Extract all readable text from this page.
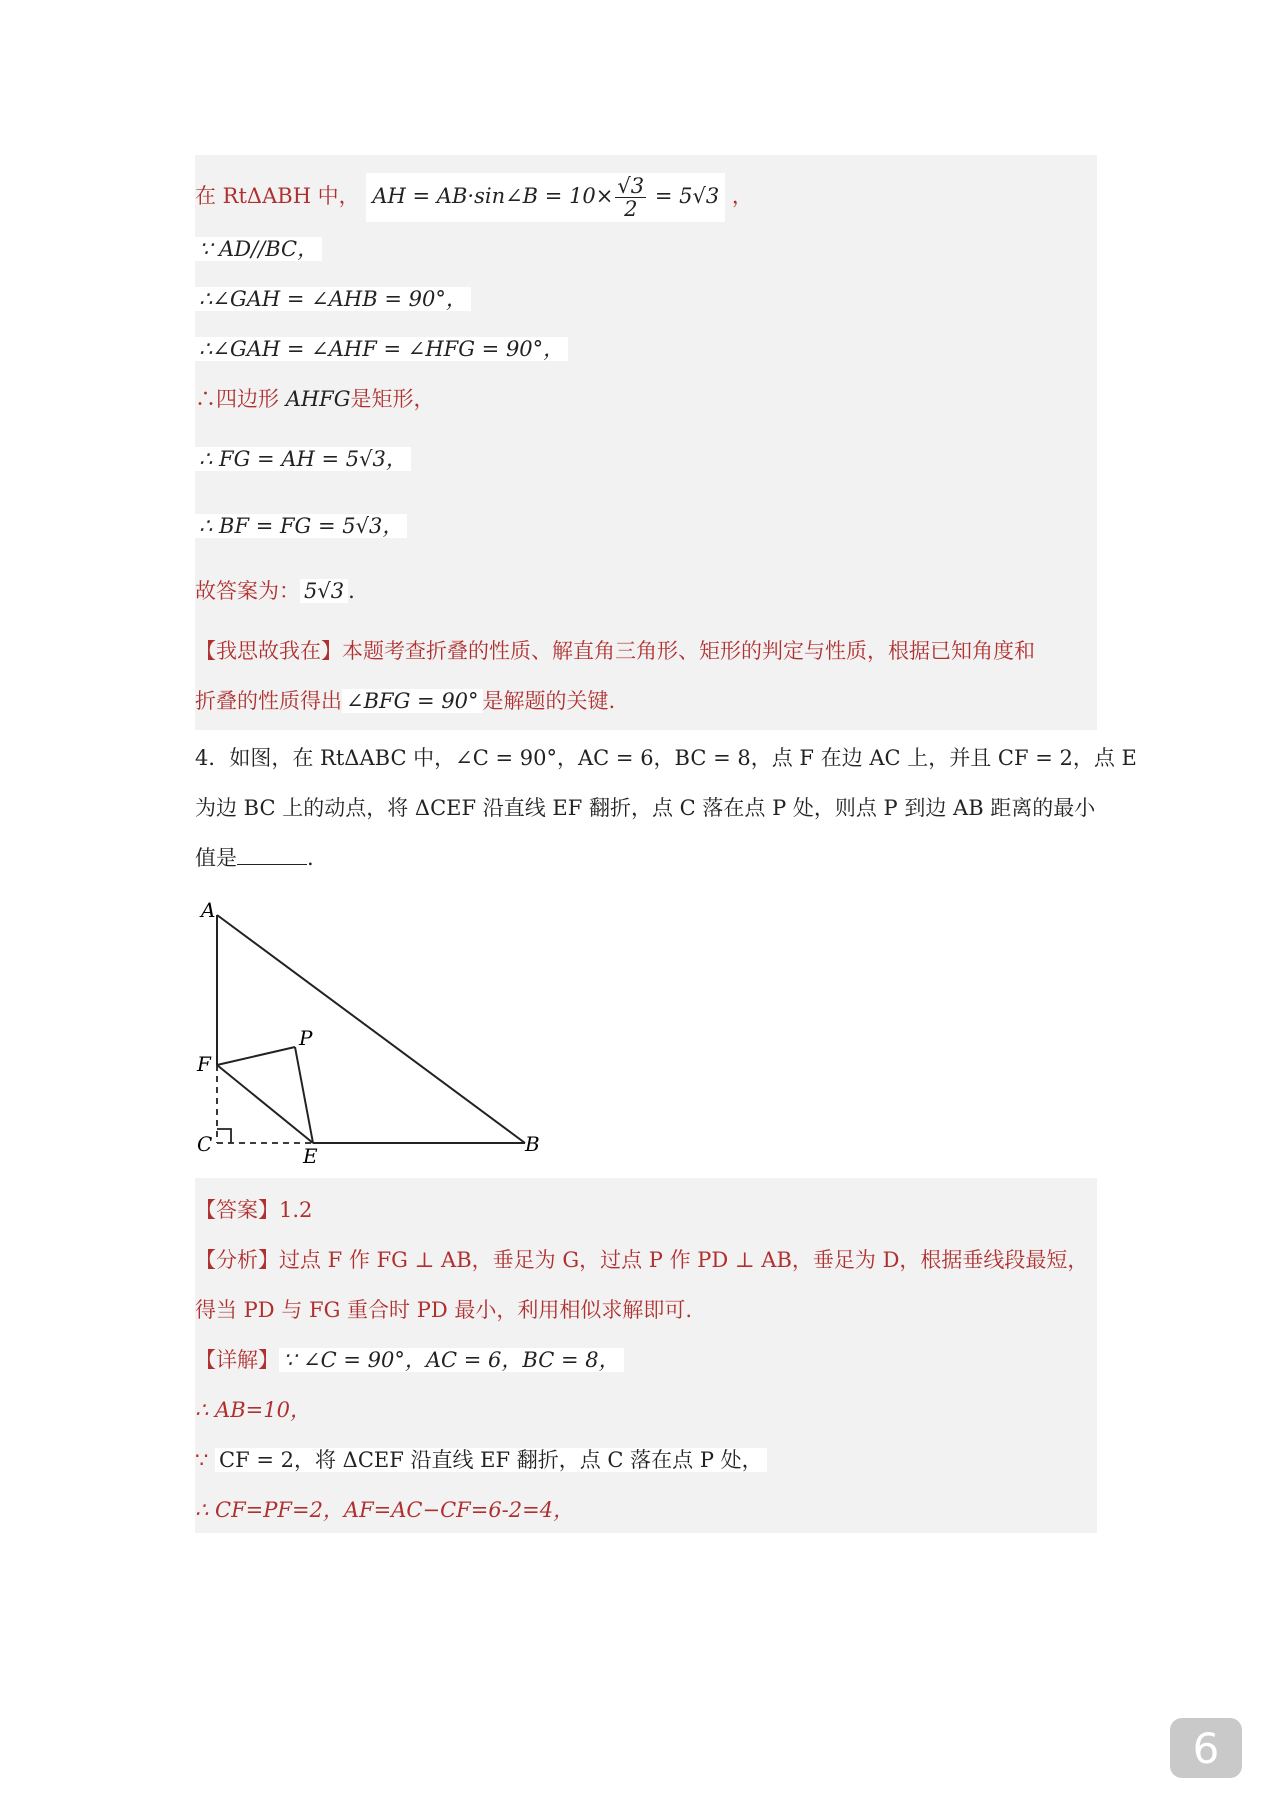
在 RtΔABH 中， AH = AB·sin∠B = $10\times \frac{√3}{2} = 5√3$ ，
∵ AD//BC，
∴∠GAH = ∠AHB = 90°，
∴∠GAH = ∠AHF = ∠HFG = 90°，
∴四边形 AHFG是矩形，
∴ FG = AH = 5√3，
∴ BF = FG = 5√3，
故答案为： 5√3 .
【我思故我在】本题考查折叠的性质、解直角三角形、矩形的判定与性质，根据已知角度和
折叠的性质得出 ∠BFG = 90° 是解题的关键.
4．如图，在 RtΔABC 中，∠C = 90°，AC = 6，BC = 8，点 F 在边 AC 上，并且 CF = 2，点 E
为边 BC 上的动点，将 ΔCEF 沿直线 EF 翻折，点 C 落在点 P 处，则点 P 到边 AB 距离的最小
值是	.
A
F
P
C	E	B
【答案】1.2
【分析】过点 F 作 FG ⊥ AB，垂足为 G，过点 P 作 PD ⊥ AB，垂足为 D，根据垂线段最短，
得当 PD 与 FG 重合时 PD 最小，利用相似求解即可.
【详解】 ∵ ∠C = 90°，AC = 6，BC = 8，
∴ AB=10，
∵ CF = 2，将 ΔCEF 沿直线 EF 翻折，点 C 落在点 P 处，
∴ CF=PF=2，AF=AC−CF=6-2=4，
6
